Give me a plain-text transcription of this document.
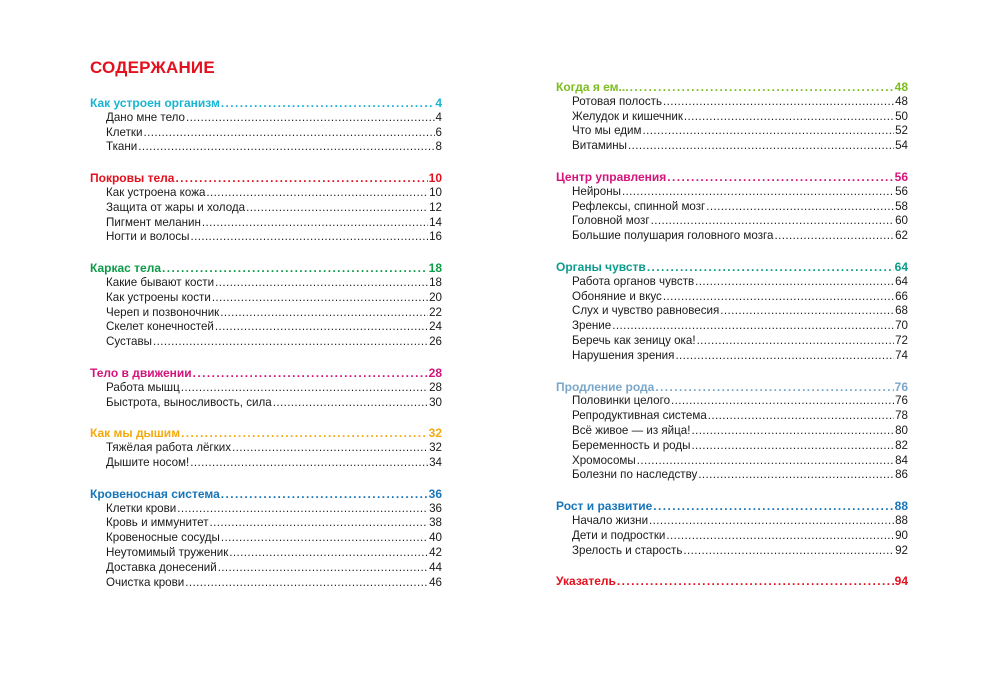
СОДЕРЖАНИЕ
Как устроен организм .....	4
Дано мне тело .....	4
Клетки .....	6
Ткани .....	8
Покровы тела .....	10
Как устроена кожа .....	10
Защита от жары и холода .....	12
Пигмент меланин .....	14
Ногти и волосы .....	16
Каркас тела .....	18
Какие бывают кости .....	18
Как устроены кости .....	20
Череп и позвоночник .....	22
Скелет конечностей .....	24
Суставы .....	26
Тело в движении .....	28
Работа мышц .....	28
Быстрота, выносливость, сила .....	30
Как мы дышим .....	32
Тяжёлая работа лёгких .....	32
Дышите носом! .....	34
Кровеносная система .....	36
Клетки крови .....	36
Кровь и иммунитет .....	38
Кровеносные сосуды .....	40
Неутомимый труженик .....	42
Доставка донесений .....	44
Очистка крови .....	46
Когда я ем... .....	48
Ротовая полость .....	48
Желудок и кишечник .....	50
Что мы едим .....	52
Витамины .....	54
Центр управления .....	56
Нейроны .....	56
Рефлексы, спинной мозг .....	58
Головной мозг .....	60
Большие полушария головного мозга .....	62
Органы чувств .....	64
Работа органов чувств .....	64
Обоняние и вкус .....	66
Слух и чувство равновесия .....	68
Зрение .....	70
Беречь как зеницу ока! .....	72
Нарушения зрения .....	74
Продление рода .....	76
Половинки целого .....	76
Репродуктивная система .....	78
Всё живое — из яйца! .....	80
Беременность и роды .....	82
Хромосомы .....	84
Болезни по наследству .....	86
Рост и развитие .....	88
Начало жизни .....	88
Дети и подростки .....	90
Зрелость и старость .....	92
Указатель .....	94
